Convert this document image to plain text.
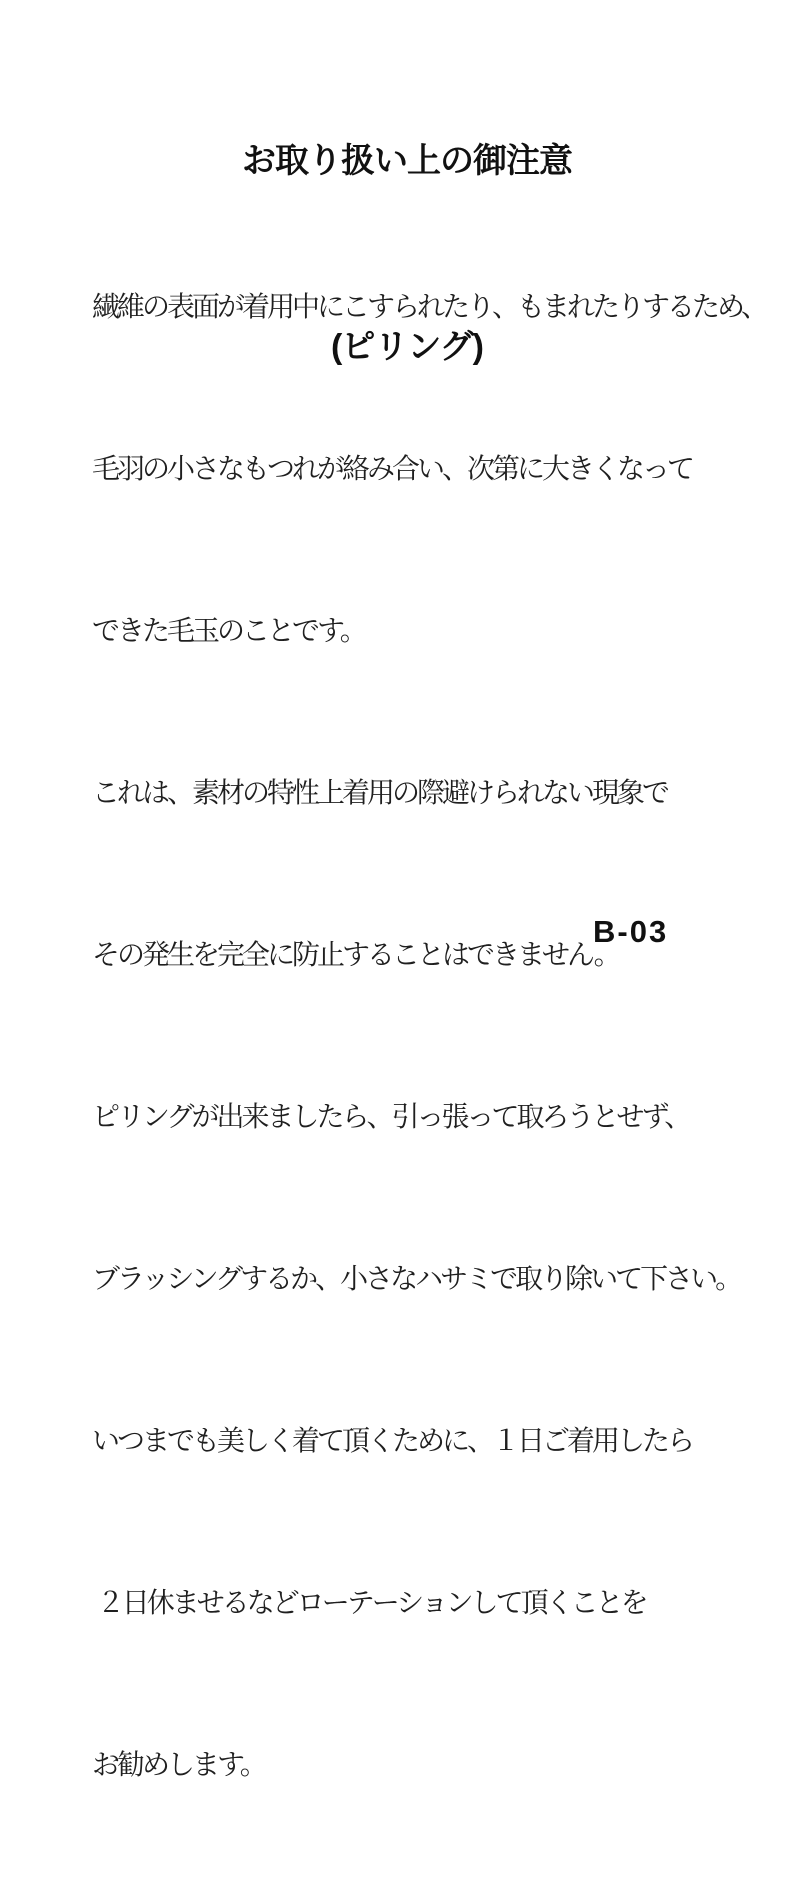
お取り扱い上の御注意

(ピリング)

繊維の表面が着用中にこすられたり、もまれたりするため、

毛羽の小さなもつれが絡み合い、次第に大きくなって

できた毛玉のことです。

これは、素材の特性上着用の際避けられない現象で

その発生を完全に防止することはできません。

ピリングが出来ましたら、引っ張って取ろうとせず、

ブラッシングするか、小さなハサミで取り除いて下さい。

いつまでも美しく着て頂くために、１日ご着用したら

２日休ませるなどローテーションして頂くことを

お勧めします。

B-03
